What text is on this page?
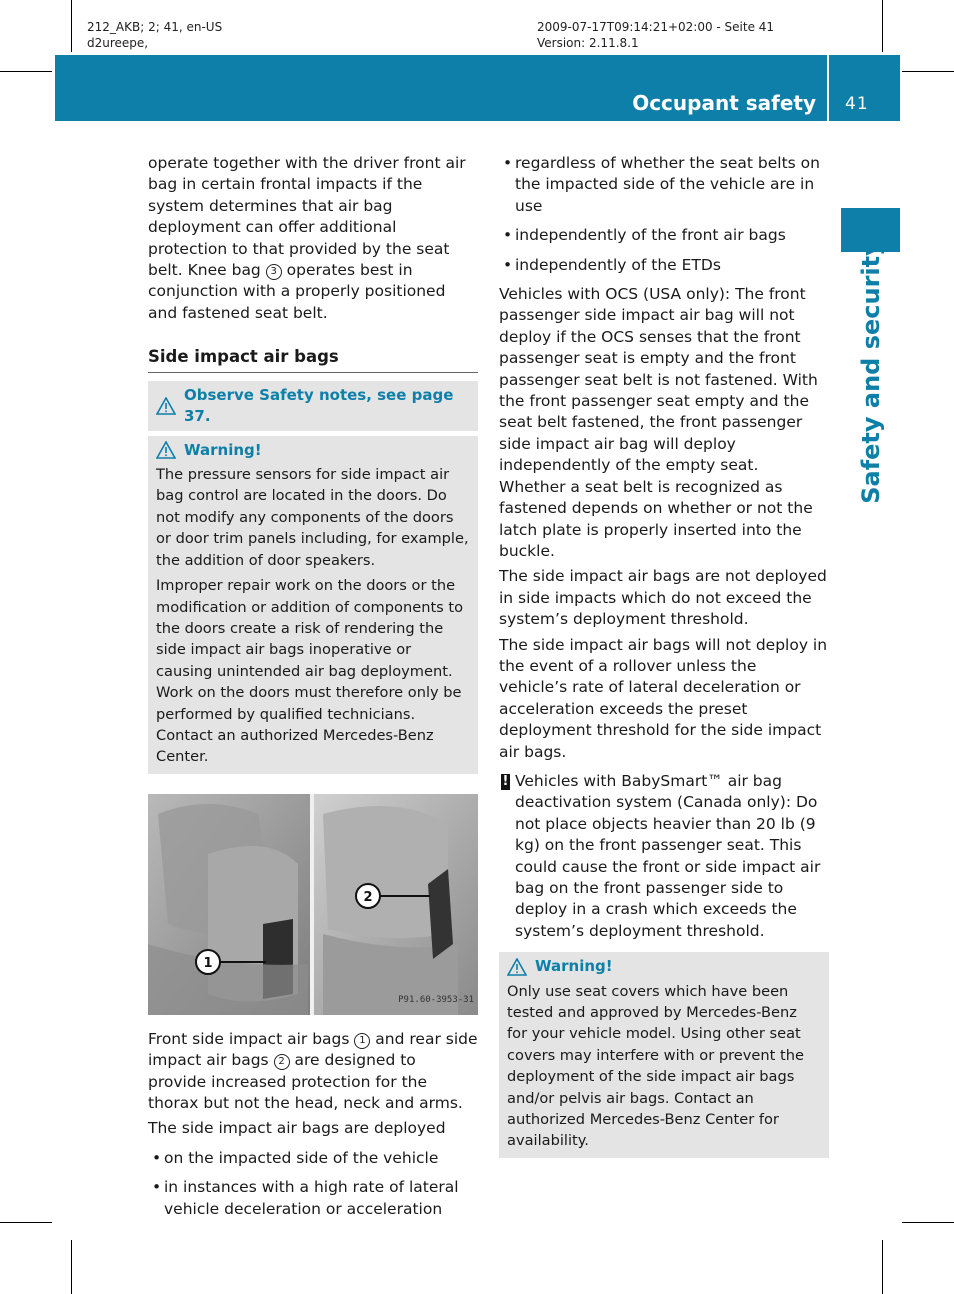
212_AKB; 2; 41, en-US
d2ureepe,
2009-07-17T09:14:21+02:00 - Seite 41
Version: 2.11.8.1
Occupant safety 41
Safety and security

operate together with the driver front air bag in certain frontal impacts if the system determines that air bag deployment can offer additional protection to that provided by the seat belt. Knee bag 3 operates best in conjunction with a properly positioned and fastened seat belt.

Side impact air bags
Observe Safety notes, see page 37.
Warning!

The pressure sensors for side impact air bag control are located in the doors. Do not modify any components of the doors or door trim panels including, for example, the addition of door speakers.

Improper repair work on the doors or the modification or addition of components to the doors create a risk of rendering the side impact air bags inoperative or causing unintended air bag deployment. Work on the doors must therefore only be performed by qualified technicians. Contact an authorized Mercedes-Benz Center.

1
2
P91.60-3953-31

Front side impact air bags 1 and rear side impact air bags 2 are designed to provide increased protection for the thorax but not the head, neck and arms.

The side impact air bags are deployed

• on the impacted side of the vehicle
• in instances with a high rate of lateral vehicle deceleration or acceleration
• regardless of whether the seat belts on the impacted side of the vehicle are in use
• independently of the front air bags
• independently of the ETDs

Vehicles with OCS (USA only): The front passenger side impact air bag will not deploy if the OCS senses that the front passenger seat is empty and the front passenger seat belt is not fastened. With the front passenger seat empty and the seat belt fastened, the front passenger side impact air bag will deploy independently of the empty seat. Whether a seat belt is recognized as fastened depends on whether or not the latch plate is properly inserted into the buckle.

The side impact air bags are not deployed in side impacts which do not exceed the system’s deployment threshold.

The side impact air bags will not deploy in the event of a rollover unless the vehicle’s rate of lateral deceleration or acceleration exceeds the preset deployment threshold for the side impact air bags.

! Vehicles with BabySmart™ air bag deactivation system (Canada only): Do not place objects heavier than 20 lb (9 kg) on the front passenger seat. This could cause the front or side impact air bag on the front passenger side to deploy in a crash which exceeds the system’s deployment threshold.
Warning!

Only use seat covers which have been tested and approved by Mercedes-Benz for your vehicle model. Using other seat covers may interfere with or prevent the deployment of the side impact air bags and/or pelvis air bags. Contact an authorized Mercedes-Benz Center for availability.
